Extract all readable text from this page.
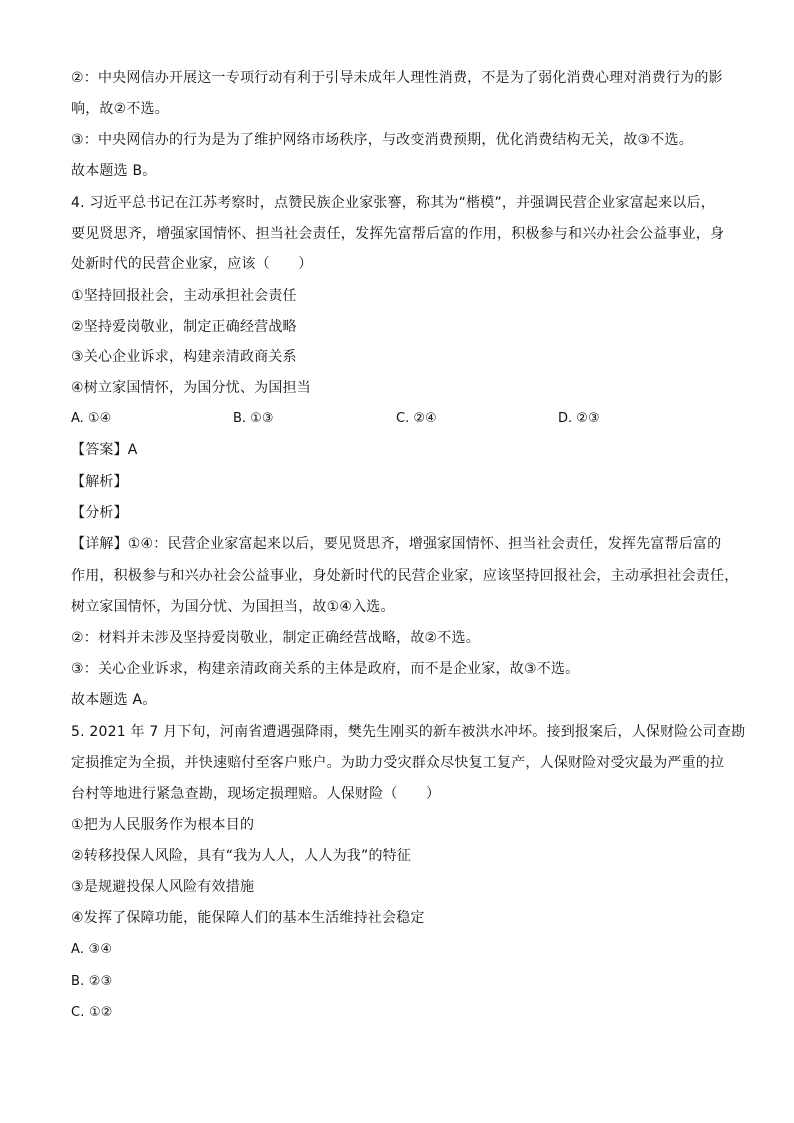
②：中央网信办开展这一专项行动有利于引导未成年人理性消费，不是为了弱化消费心理对消费行为的影
响，故②不选。
③：中央网信办的行为是为了维护网络市场秩序，与改变消费预期，优化消费结构无关，故③不选。
故本题选 B。
4. 习近平总书记在江苏考察时，点赞民族企业家张謇，称其为“楷模”，并强调民营企业家富起来以后，
要见贤思齐，增强家国情怀、担当社会责任，发挥先富帮后富的作用，积极参与和兴办社会公益事业，身
处新时代的民营企业家，应该（　　）
①坚持回报社会，主动承担社会责任
②坚持爱岗敬业，制定正确经营战略
③关心企业诉求，构建亲清政商关系
④树立家国情怀，为国分忧、为国担当
A. ①④	B. ①③	C. ②④	D. ②③
【答案】A
【解析】
【分析】
【详解】①④：民营企业家富起来以后，要见贤思齐，增强家国情怀、担当社会责任，发挥先富帮后富的
作用，积极参与和兴办社会公益事业，身处新时代的民营企业家，应该坚持回报社会，主动承担社会责任，
树立家国情怀，为国分忧、为国担当，故①④入选。
②：材料并未涉及坚持爱岗敬业，制定正确经营战略，故②不选。
③：关心企业诉求，构建亲清政商关系的主体是政府，而不是企业家，故③不选。
故本题选 A。
5. 2021 年 7 月下旬，河南省遭遇强降雨，樊先生刚买的新车被洪水冲坏。接到报案后，人保财险公司查勘
定损推定为全损，并快速赔付至客户账户。为助力受灾群众尽快复工复产，人保财险对受灾最为严重的拉
台村等地进行紧急查勘，现场定损理赔。人保财险（　　）
①把为人民服务作为根本目的
②转移投保人风险，具有“我为人人，人人为我”的特征
③是规避投保人风险有效措施
④发挥了保障功能，能保障人们的基本生活维持社会稳定
A. ③④
B. ②③
C. ①②
